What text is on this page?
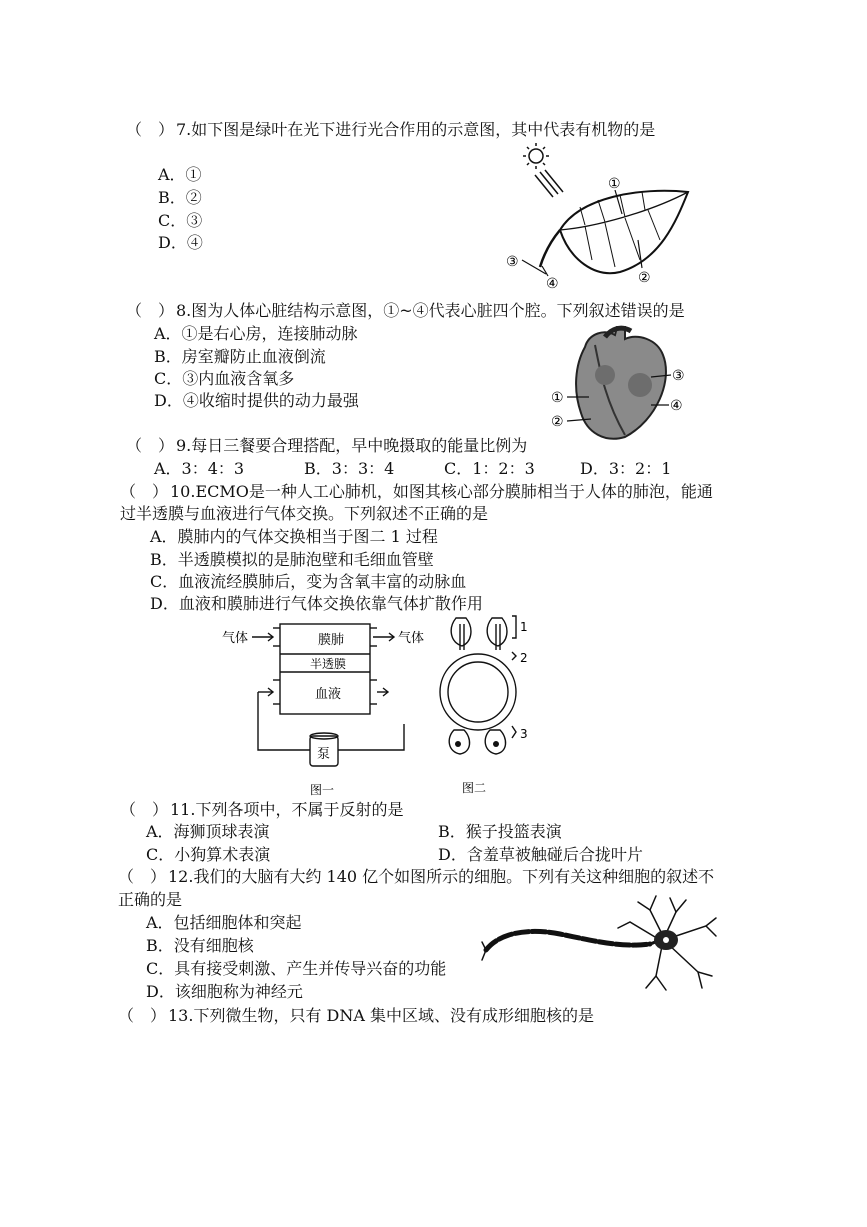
（　） 7.如下图是绿叶在光下进行光合作用的示意图，其中代表有机物的是
A．①
B．②
C．③
D．④
①
②
③
④
（　） 8.图为人体心脏结构示意图，①~④代表心脏四个腔。下列叙述错误的是
A．①是右心房，连接肺动脉
B．房室瓣防止血液倒流
C．③内血液含氧多
D．④收缩时提供的动力最强
③
④
①
②
（　） 9.每日三餐要合理搭配，早中晚摄取的能量比例为
A．3：4：3	B．3：3：4	C．1：2：3	D．3：2：1
（　） 10.ECMO是一种人工心肺机，如图其核心部分膜肺相当于人体的肺泡，能通
过半透膜与血液进行气体交换。下列叙述不正确的是
A．膜肺内的气体交换相当于图二 1 过程
B．半透膜模拟的是肺泡壁和毛细血管壁
C．血液流经膜肺后，变为含氧丰富的动脉血
D．血液和膜肺进行气体交换依靠气体扩散作用
气体	气体
膜肺
半透膜
血液
泵
图一
1
2
3
图二
（　） 11.下列各项中，不属于反射的是
A．海狮顶球表演	B．猴子投篮表演
C．小狗算术表演	D．含羞草被触碰后合拢叶片
（　） 12.我们的大脑有大约 140 亿个如图所示的细胞。下列有关这种细胞的叙述不
正确的是
A．包括细胞体和突起
B．没有细胞核
C．具有接受刺激、产生并传导兴奋的功能
D．该细胞称为神经元
（　） 13.下列微生物，只有 DNA 集中区域、没有成形细胞核的是
